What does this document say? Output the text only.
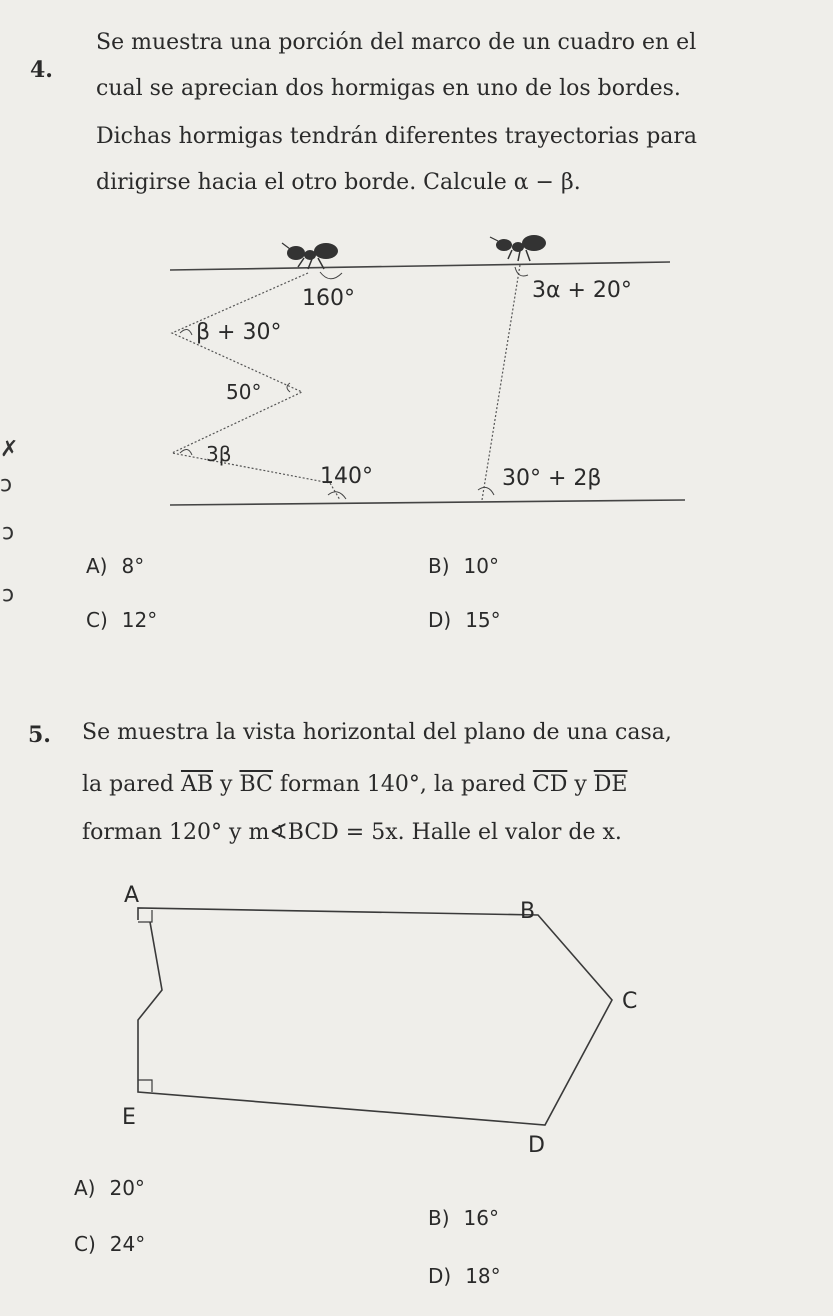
✗
ͻ
ͻ
ͻ
4.
Se muestra una porción del marco de un cuadro en el
cual se aprecian dos hormigas en uno de los bordes.
Dichas hormigas tendrán diferentes trayectorias para
dirigirse hacia el otro borde. Calcule α − β.
160°	3α + 20°
β + 30°
50°
3β
140°	30° + 2β
A) 8°	B) 10°
C) 12°	D) 15°
5. Se muestra la vista horizontal del plano de una casa,
la pared $\overline{AB}$ y $\overline{BC}$ forman 140°, la pared $\overline{CD}$ y $\overline{DE}$
forman 120° y m∢BCD = 5x. Halle el valor de x.
A
B
C
D
E
A) 20°
B) 16°
C) 24°
D) 18°
